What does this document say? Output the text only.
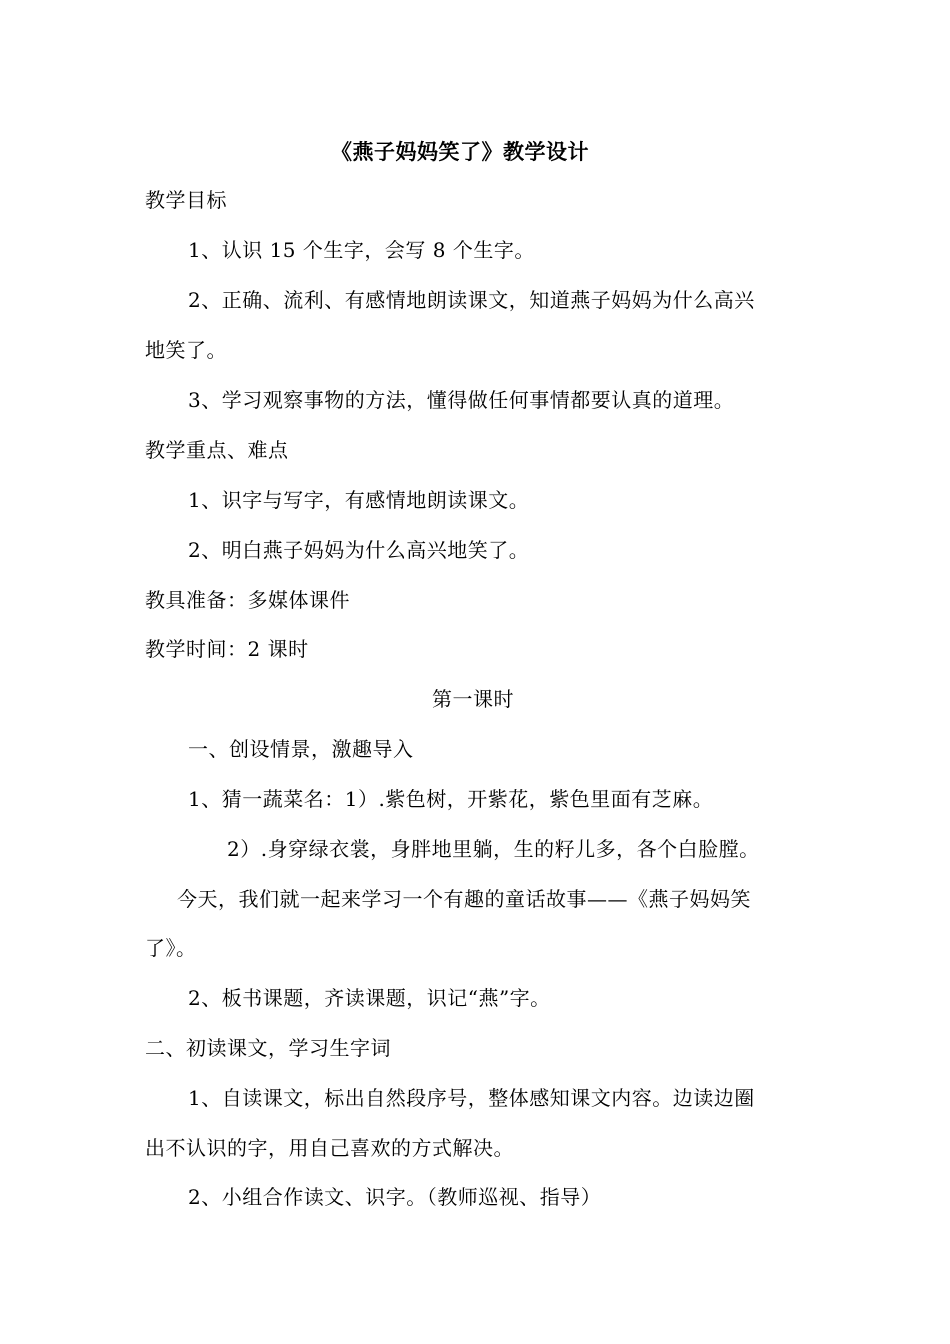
《燕子妈妈笑了》教学设计
教学目标
1、认识 15 个生字，会写 8 个生字。
2、正确、流利、有感情地朗读课文，知道燕子妈妈为什么高兴
地笑了。
3、学习观察事物的方法，懂得做任何事情都要认真的道理。
教学重点、难点
1、识字与写字，有感情地朗读课文。
2、明白燕子妈妈为什么高兴地笑了。
教具准备：多媒体课件
教学时间：2 课时
第一课时
一、创设情景，激趣导入
1、猜一蔬菜名：1）.紫色树，开紫花，紫色里面有芝麻。
2）.身穿绿衣裳，身胖地里躺，生的籽儿多，各个白脸膛。
今天，我们就一起来学习一个有趣的童话故事——《燕子妈妈笑
了》。
2、板书课题，齐读课题，识记“燕”字。
二、初读课文，学习生字词
1、自读课文，标出自然段序号，整体感知课文内容。边读边圈
出不认识的字，用自己喜欢的方式解决。
2、小组合作读文、识字。（教师巡视、指导）
